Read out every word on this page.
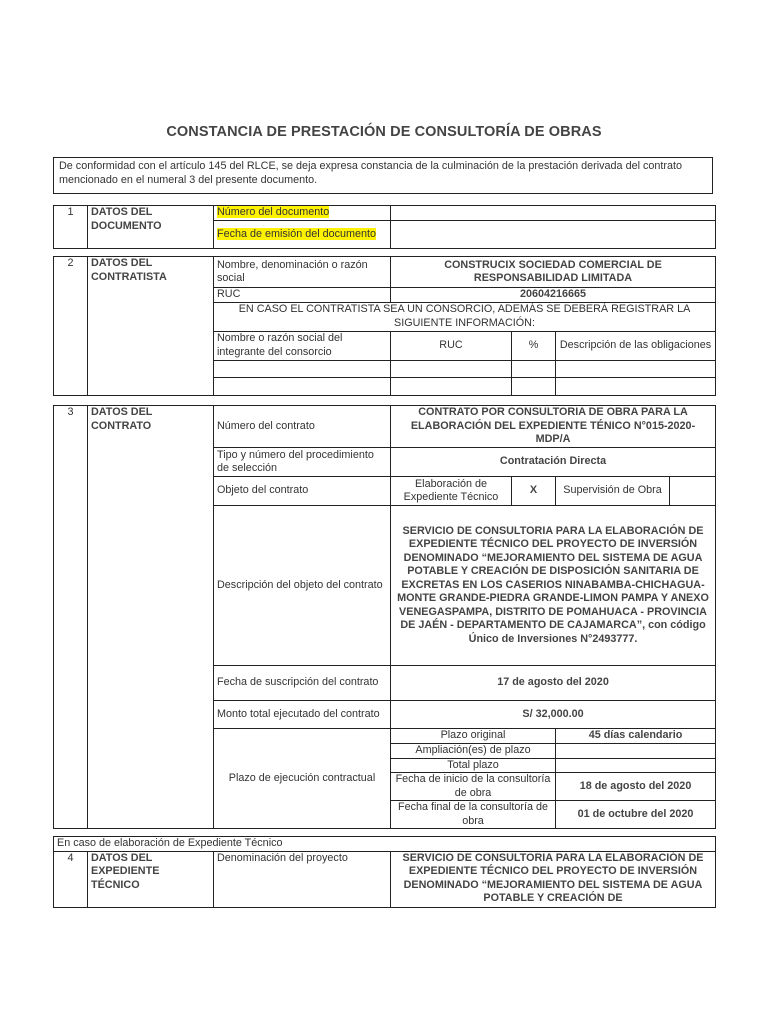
CONSTANCIA DE PRESTACIÓN DE CONSULTORÍA DE OBRAS
De conformidad con el artículo 145 del RLCE, se deja expresa constancia de la culminación de la prestación derivada del contrato mencionado en el numeral 3 del presente documento.
1	DATOS DEL DOCUMENTO	Número del documento	
		Fecha de emisión del documento	
2	DATOS DEL CONTRATISTA	Nombre, denominación o razón social	CONSTRUCIX SOCIEDAD COMERCIAL DE RESPONSABILIDAD LIMITADA		
		RUC	20604216665		
		EN CASO EL CONTRATISTA SEA UN CONSORCIO, ADEMÁS SE DEBERÁ REGISTRAR LA SIGUIENTE INFORMACIÓN:			
		Nombre o razón social del integrante del consorcio	RUC	%	Descripción de las obligaciones

3	DATOS DEL CONTRATO	Número del contrato	CONTRATO POR CONSULTORIA DE OBRA PARA LA ELABORACIÓN DEL EXPEDIENTE TÉNICO N°015-2020-MDP/A			
		Tipo y número del procedimiento de selección	Contratación Directa			
		Objeto del contrato	Elaboración de Expediente Técnico	X	Supervisión de Obra	
		Descripción del objeto del contrato	SERVICIO DE CONSULTORIA PARA LA ELABORACIÓN DE EXPEDIENTE TÉCNICO DEL PROYECTO DE INVERSIÓN DENOMINADO “MEJORAMIENTO DEL SISTEMA DE AGUA POTABLE Y CREACIÓN DE DISPOSICIÓN SANITARIA DE EXCRETAS EN LOS CASERIOS NINABAMBA-CHICHAGUA-MONTE GRANDE-PIEDRA GRANDE-LIMON PAMPA Y ANEXO VENEGASPAMPA, DISTRITO DE POMAHUACA - PROVINCIA DE JAÉN - DEPARTAMENTO DE CAJAMARCA”, con código Único de Inversiones N°2493777.			
		Fecha de suscripción del contrato	17 de agosto del 2020			
		Monto total ejecutado del contrato	S/ 32,000.00			
		Plazo de ejecución contractual	Plazo original		45 días calendario	
			Ampliación(es) de plazo			
			Total plazo			
			Fecha de inicio de la consultoría de obra		18 de agosto del 2020	
			Fecha final de la consultoría de obra		01 de octubre del 2020	
En caso de elaboración de Expediente Técnico
4	DATOS DEL EXPEDIENTE TÉCNICO	Denominación del proyecto	SERVICIO DE CONSULTORIA PARA LA ELABORACIÓN DE EXPEDIENTE TÉCNICO DEL PROYECTO DE INVERSIÓN DENOMINADO “MEJORAMIENTO DEL SISTEMA DE AGUA POTABLE Y CREACIÓN DE
